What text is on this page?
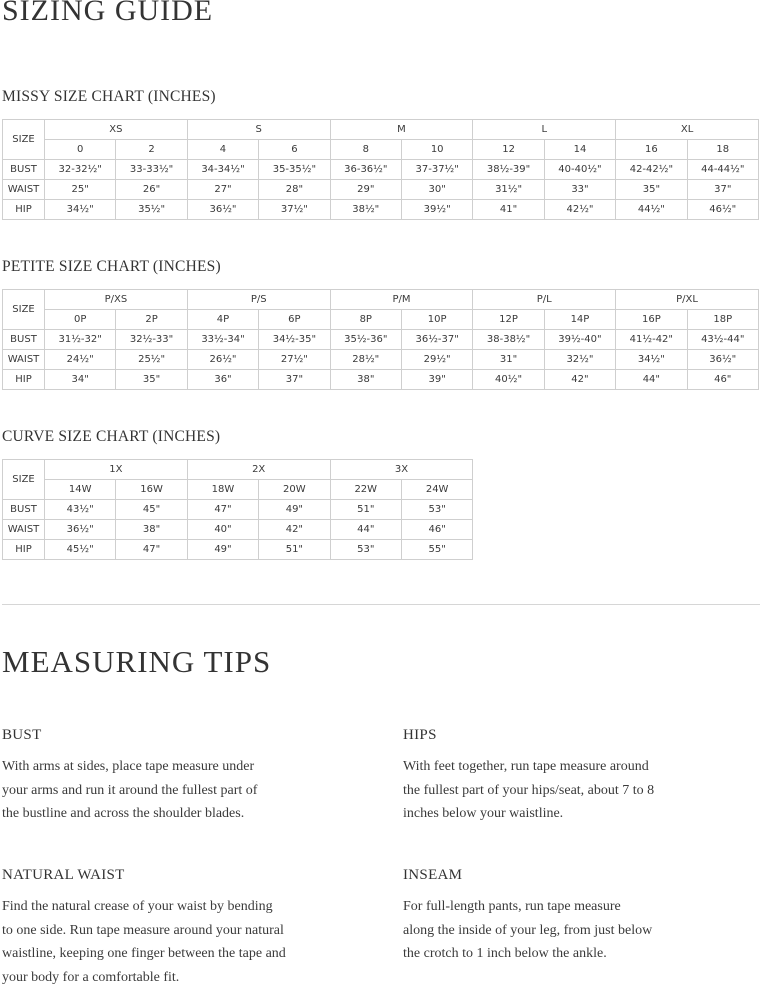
SIZING GUIDE
MISSY SIZE CHART (INCHES)
SIZE	XS		S		M		L		XL	
	0	2	4	6	8	10	12	14	16	18
BUST	32-32½"	33-33½"	34-34½"	35-35½"	36-36½"	37-37½"	38½-39"	40-40½"	42-42½"	44-44½"
WAIST	25"	26"	27"	28"	29"	30"	31½"	33"	35"	37"
HIP	34½"	35½"	36½"	37½"	38½"	39½"	41"	42½"	44½"	46½"
PETITE SIZE CHART (INCHES)
SIZE	P/XS		P/S		P/M		P/L		P/XL	
	0P	2P	4P	6P	8P	10P	12P	14P	16P	18P
BUST	31½-32"	32½-33"	33½-34"	34½-35"	35½-36"	36½-37"	38-38½"	39½-40"	41½-42"	43½-44"
WAIST	24½"	25½"	26½"	27½"	28½"	29½"	31"	32½"	34½"	36½"
HIP	34"	35"	36"	37"	38"	39"	40½"	42"	44"	46"
CURVE SIZE CHART (INCHES)
SIZE	1X		2X		3X	
	14W	16W	18W	20W	22W	24W
BUST	43½"	45"	47"	49"	51"	53"
WAIST	36½"	38"	40"	42"	44"	46"
HIP	45½"	47"	49"	51"	53"	55"
MEASURING TIPS
BUST

With arms at sides, place tape measure under
your arms and run it around the fullest part of
the bustline and across the shoulder blades.

HIPS

With feet together, run tape measure around
the fullest part of your hips/seat, about 7 to 8
inches below your waistline.

NATURAL WAIST

Find the natural crease of your waist by bending
to one side. Run tape measure around your natural
waistline, keeping one finger between the tape and
your body for a comfortable fit.

INSEAM

For full-length pants, run tape measure
along the inside of your leg, from just below
the crotch to 1 inch below the ankle.
